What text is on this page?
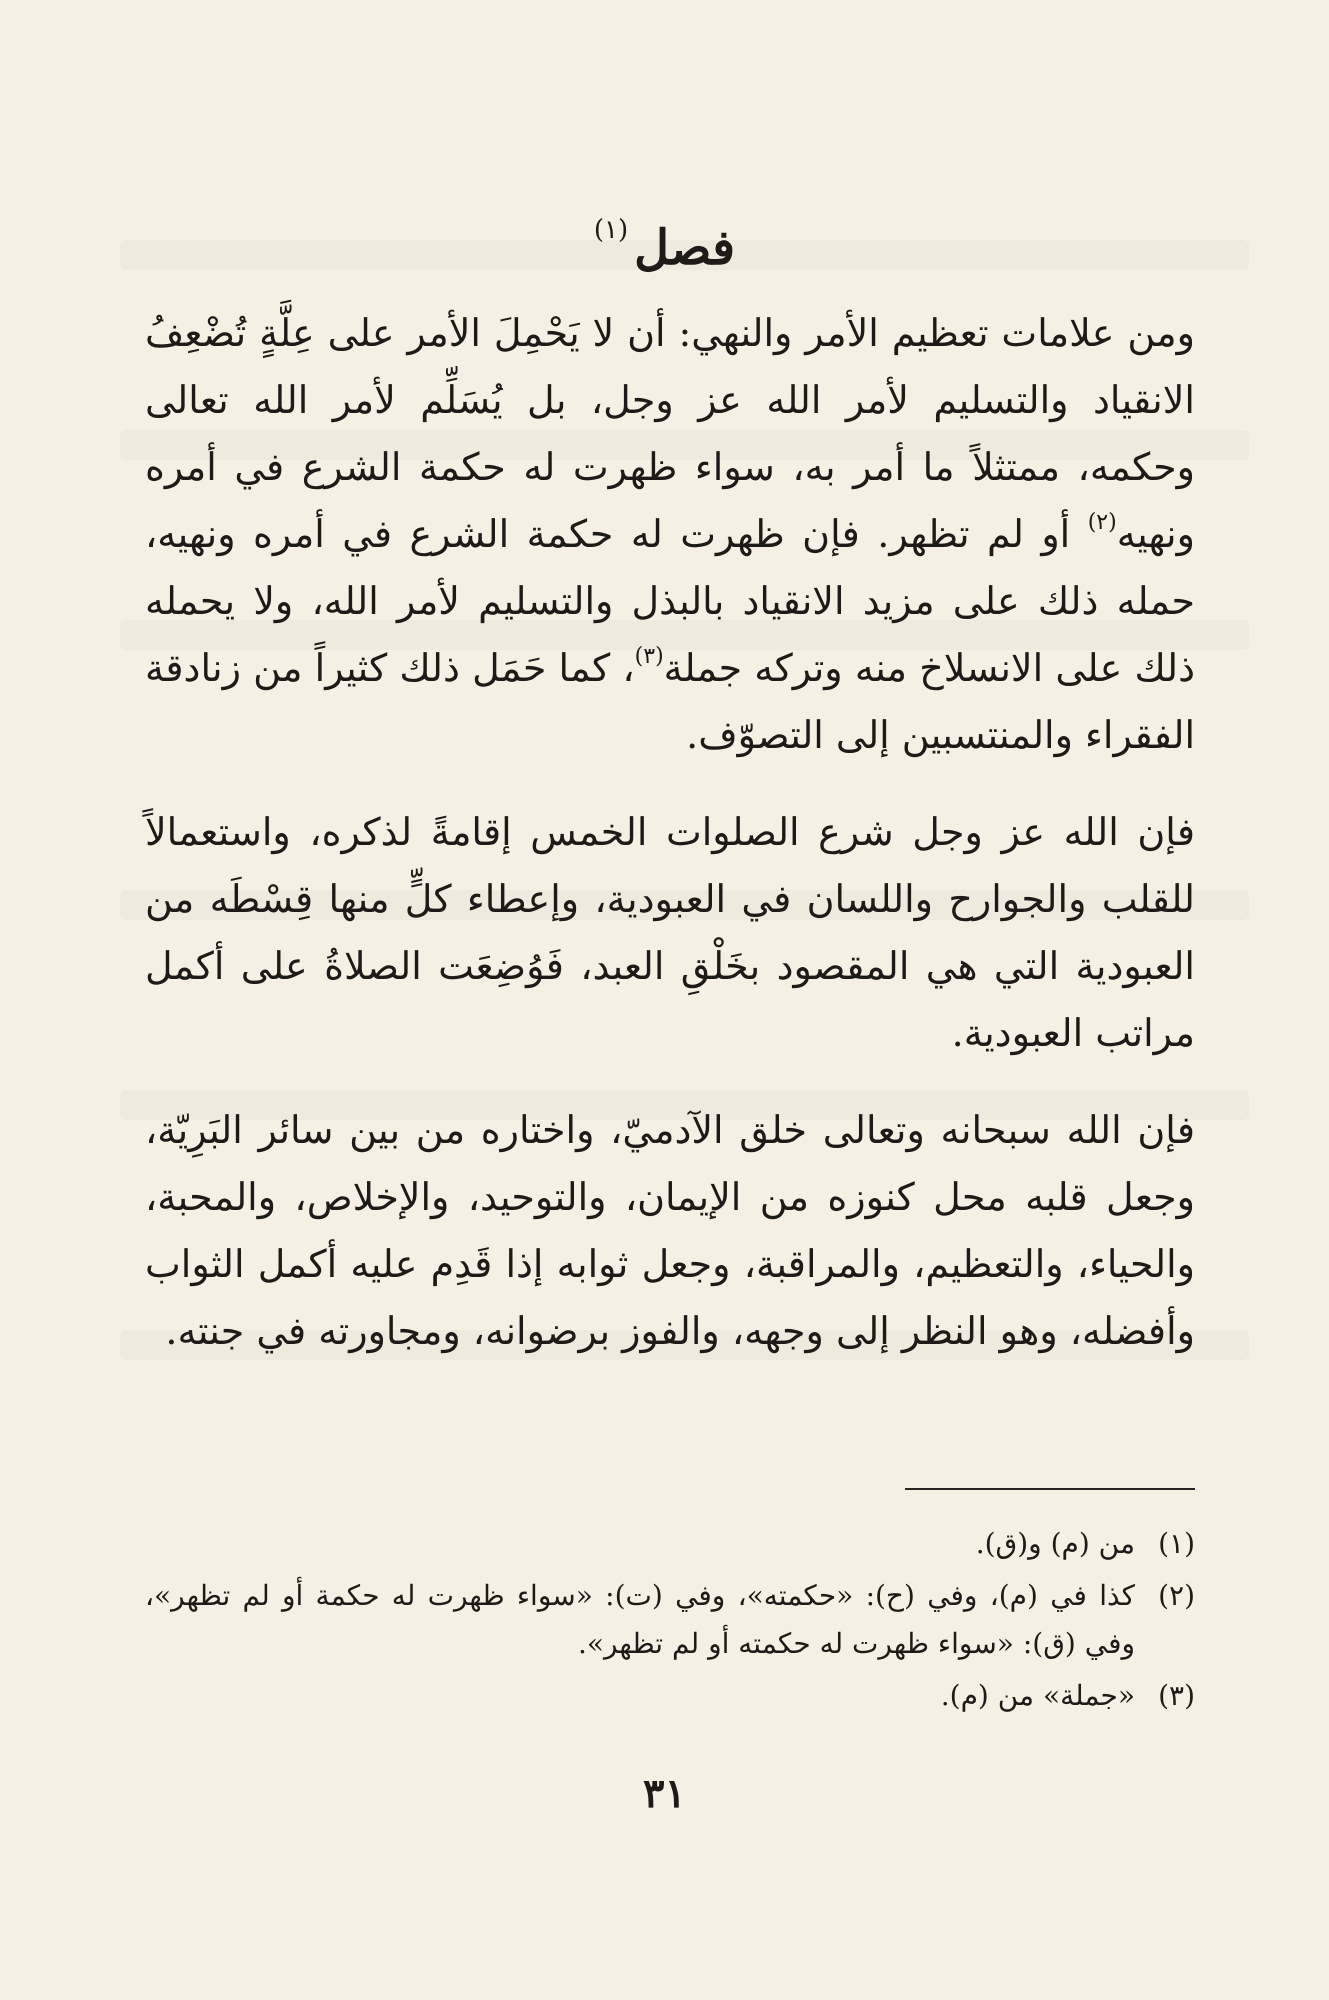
فصل$^{(١)}$

ومن علامات تعظيم الأمر والنهي: أن لا يَحْمِلَ الأمر على عِلَّةٍ تُضْعِفُ الانقياد والتسليم لأمر الله عز وجل، بل يُسَلِّم لأمر الله تعالى وحكمه، ممتثلاً ما أمر به، سواء ظهرت له حكمة الشرع في أمره ونهيه$^{(٢)}$ أو لم تظهر. فإن ظهرت له حكمة الشرع في أمره ونهيه، حمله ذلك على مزيد الانقياد بالبذل والتسليم لأمر الله، ولا يحمله ذلك على الانسلاخ منه وتركه جملة$^{(٣)}$، كما حَمَل ذلك كثيراً من زنادقة الفقراء والمنتسبين إلى التصوّف.

فإن الله عز وجل شرع الصلوات الخمس إقامةً لذكره، واستعمالاً للقلب والجوارح واللسان في العبودية، وإعطاء كلٍّ منها قِسْطَه من العبودية التي هي المقصود بخَلْقِ العبد، فَوُضِعَت الصلاةُ على أكمل مراتب العبودية.

فإن الله سبحانه وتعالى خلق الآدميّ، واختاره من بين سائر البَرِيّة، وجعل قلبه محل كنوزه من الإيمان، والتوحيد، والإخلاص، والمحبة، والحياء، والتعظيم، والمراقبة، وجعل ثوابه إذا قَدِم عليه أكمل الثواب وأفضله، وهو النظر إلى وجهه، والفوز برضوانه، ومجاورته في جنته.

(١)
من (م) و(ق).
(٢)
كذا في (م)، وفي (ح): «حكمته»، وفي (ت): «سواء ظهرت له حكمة أو لم تظهر»، وفي (ق): «سواء ظهرت له حكمته أو لم تظهر».
(٣)
«جملة» من (م).
٣١
